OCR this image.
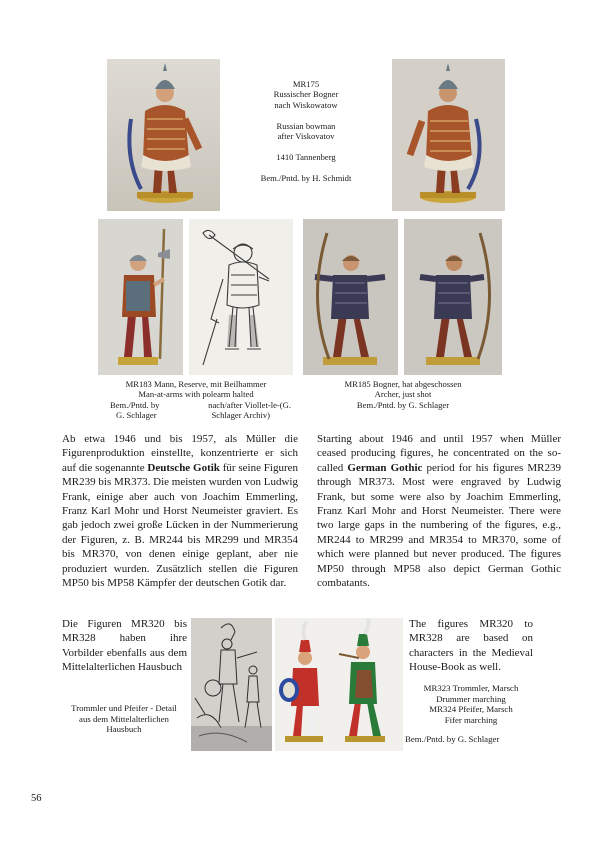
MR175
Russischer Bogner
nach Wiskowatow
Russian bowman
after Viskovatov
1410 Tannenberg
Bem./Pntd. by H. Schmidt
MR183 Mann, Reserve, mit Beilhammer
Man-at-arms with polearm halted
Bem./Pntd. by	nach/after Viollet-le-(G.
G. Schlager	Schlager Archiv)
MR185 Bogner, hat abgeschossen
Archer, just shot
Bem./Pntd. by G. Schlager

Ab etwa 1946 und bis 1957, als Müller die Figurenproduktion einstellte, konzentrierte er sich auf die sogenannte Deutsche Gotik für seine Figuren MR239 bis MR373. Die meisten wurden von Ludwig Frank, einige aber auch von Joachim Emmerling, Franz Karl Mohr und Horst Neumeister graviert. Es gab jedoch zwei große Lücken in der Nummerierung der Figuren, z. B. MR244 bis MR299 und MR354 bis MR370, von denen einige geplant, aber nie produziert wurden. Zusätzlich stellen die Figuren MP50 bis MP58 Kämpfer der deutschen Gotik dar.

Starting about 1946 and until 1957 when Müller ceased producing figures, he concentrated on the so-called German Gothic period for his figures MR239 through MR373. Most were engraved by Ludwig Frank, but some were also by Joachim Emmerling, Franz Karl Mohr and Horst Neumeister. There were two large gaps in the numbering of the figures, e.g., MR244 to MR299 and MR354 to MR370, some of which were planned but never produced. The figures MP50 through MP58 also depict German Gothic combatants.

Die Figuren MR320 bis MR328 haben ihre Vorbilder ebenfalls aus dem Mittelalterlichen Hausbuch

Trommler und Pfeifer - Detail
aus dem Mittelalterlichen
Hausbuch

The figures MR320 to MR328 are based on characters in the Medieval House-Book as well.

MR323 Trommler, Marsch
Drummer marching
MR324 Pfeifer, Marsch
Fifer marching
Bem./Pntd. by G. Schlager
56
